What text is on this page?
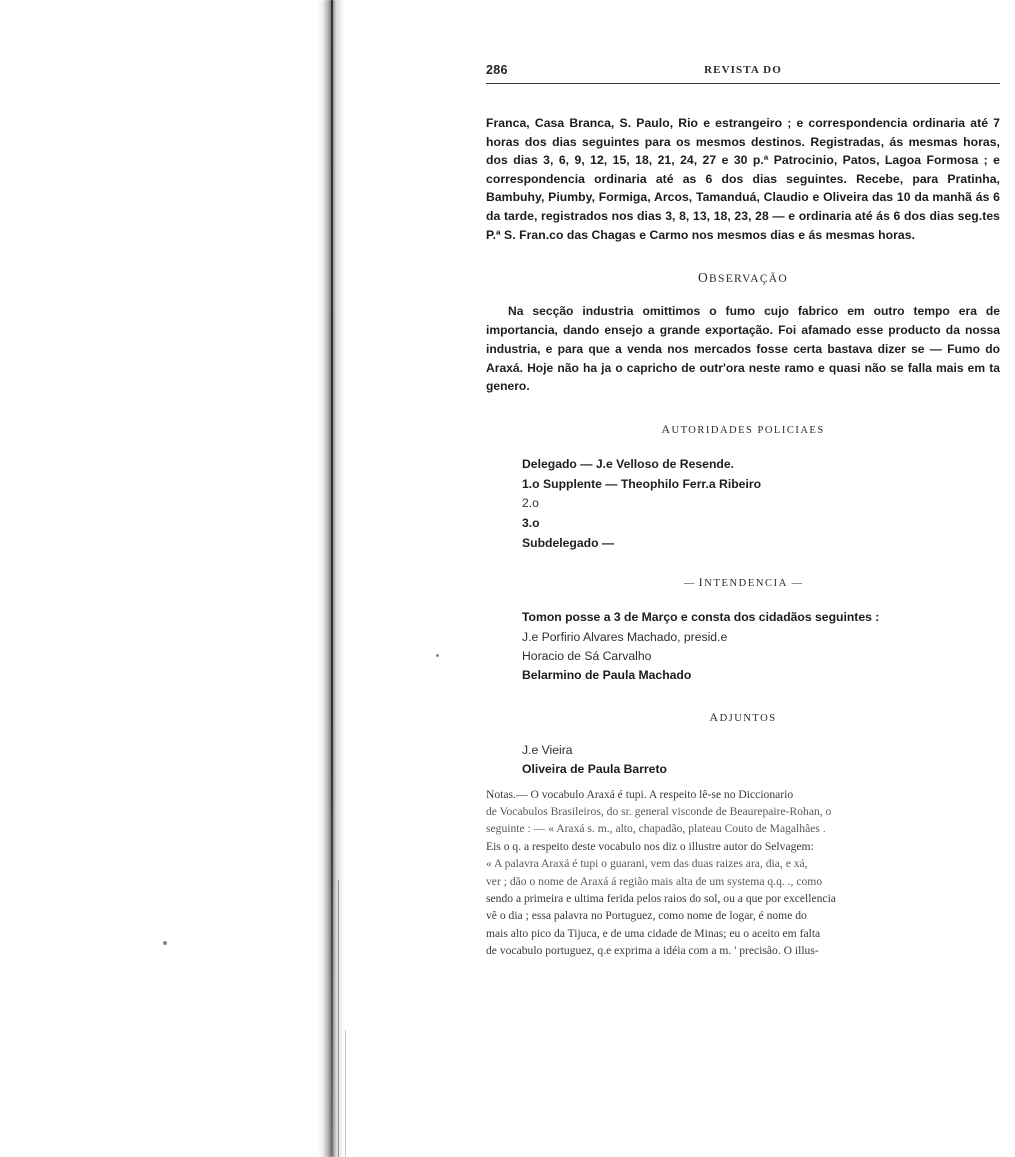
286	REVISTA DO

Franca, Casa Branca, S. Paulo, Rio e estrangeiro ; e correspondencia ordinaria até 7 horas dos dias seguintes para os mesmos destinos. Registradas, ás mesmas horas, dos dias 3, 6, 9, 12, 15, 18, 21, 24, 27 e 30 p.ª Patrocinio, Patos, Lagoa Formosa ; e correspondencia ordinaria até as 6 dos dias seguintes. Recebe, para Pratinha, Bambuhy, Piumby, Formiga, Arcos, Tamanduá, Claudio e Oliveira das 10 da manhã ás 6 da tarde, registrados nos dias 3, 8, 13, 18, 23, 28 — e ordinaria até ás 6 dos dias seg.tes P.ª S. Fran.co das Chagas e Carmo nos mesmos dias e ás mesmas horas.

OBSERVAÇÃO

Na secção industria omittimos o fumo cujo fabrico em outro tempo era de importancia, dando ensejo a grande exportação. Foi afamado esse producto da nossa industria, e para que a venda nos mercados fosse certa bastava dizer se — Fumo do Araxá. Hoje não ha ja o capricho de outr'ora neste ramo e quasi não se falla mais em ta genero.

AUTORIDADES POLICIAES
Delegado — J.e Velloso de Resende.
1.o Supplente — Theophilo Ferr.a Ribeiro
2.o
3.o
Subdelegado —
— INTENDENCIA —
Tomon posse a 3 de Março e consta dos cidadãos seguintes :
J.e Porfirio Alvares Machado, presid.e
Horacio de Sá Carvalho
Belarmino de Paula Machado
ADJUNTOS
J.e Vieira
Oliveira de Paula Barreto
Notas.— O vocabulo Araxá é tupi. A respeito lê-se no Diccionario
de Vocabulos Brasileiros, do sr. general visconde de Beaurepaire-Rohan, o
seguinte : — « Araxá s. m., alto, chapadão, plateau Couto de Magalhães .
Eis o q. a respeito deste vocabulo nos diz o illustre autor do Selvagem:
« A palavra Araxá é tupi o guarani, vem das duas raizes ara, dia, e xá,
ver ; dão o nome de Araxá á região mais alta de um systema q.q. ., como
sendo a primeira e ultima ferida pelos raios do sol, ou a que por excellencia
vê o dia ; essa palavra no Portuguez, como nome de logar, é nome do
mais alto pico da Tijuca, e de uma cidade de Minas; eu o aceito em falta
de vocabulo portuguez, q.e exprima a idéia com a m. ' precisão. O illus-
